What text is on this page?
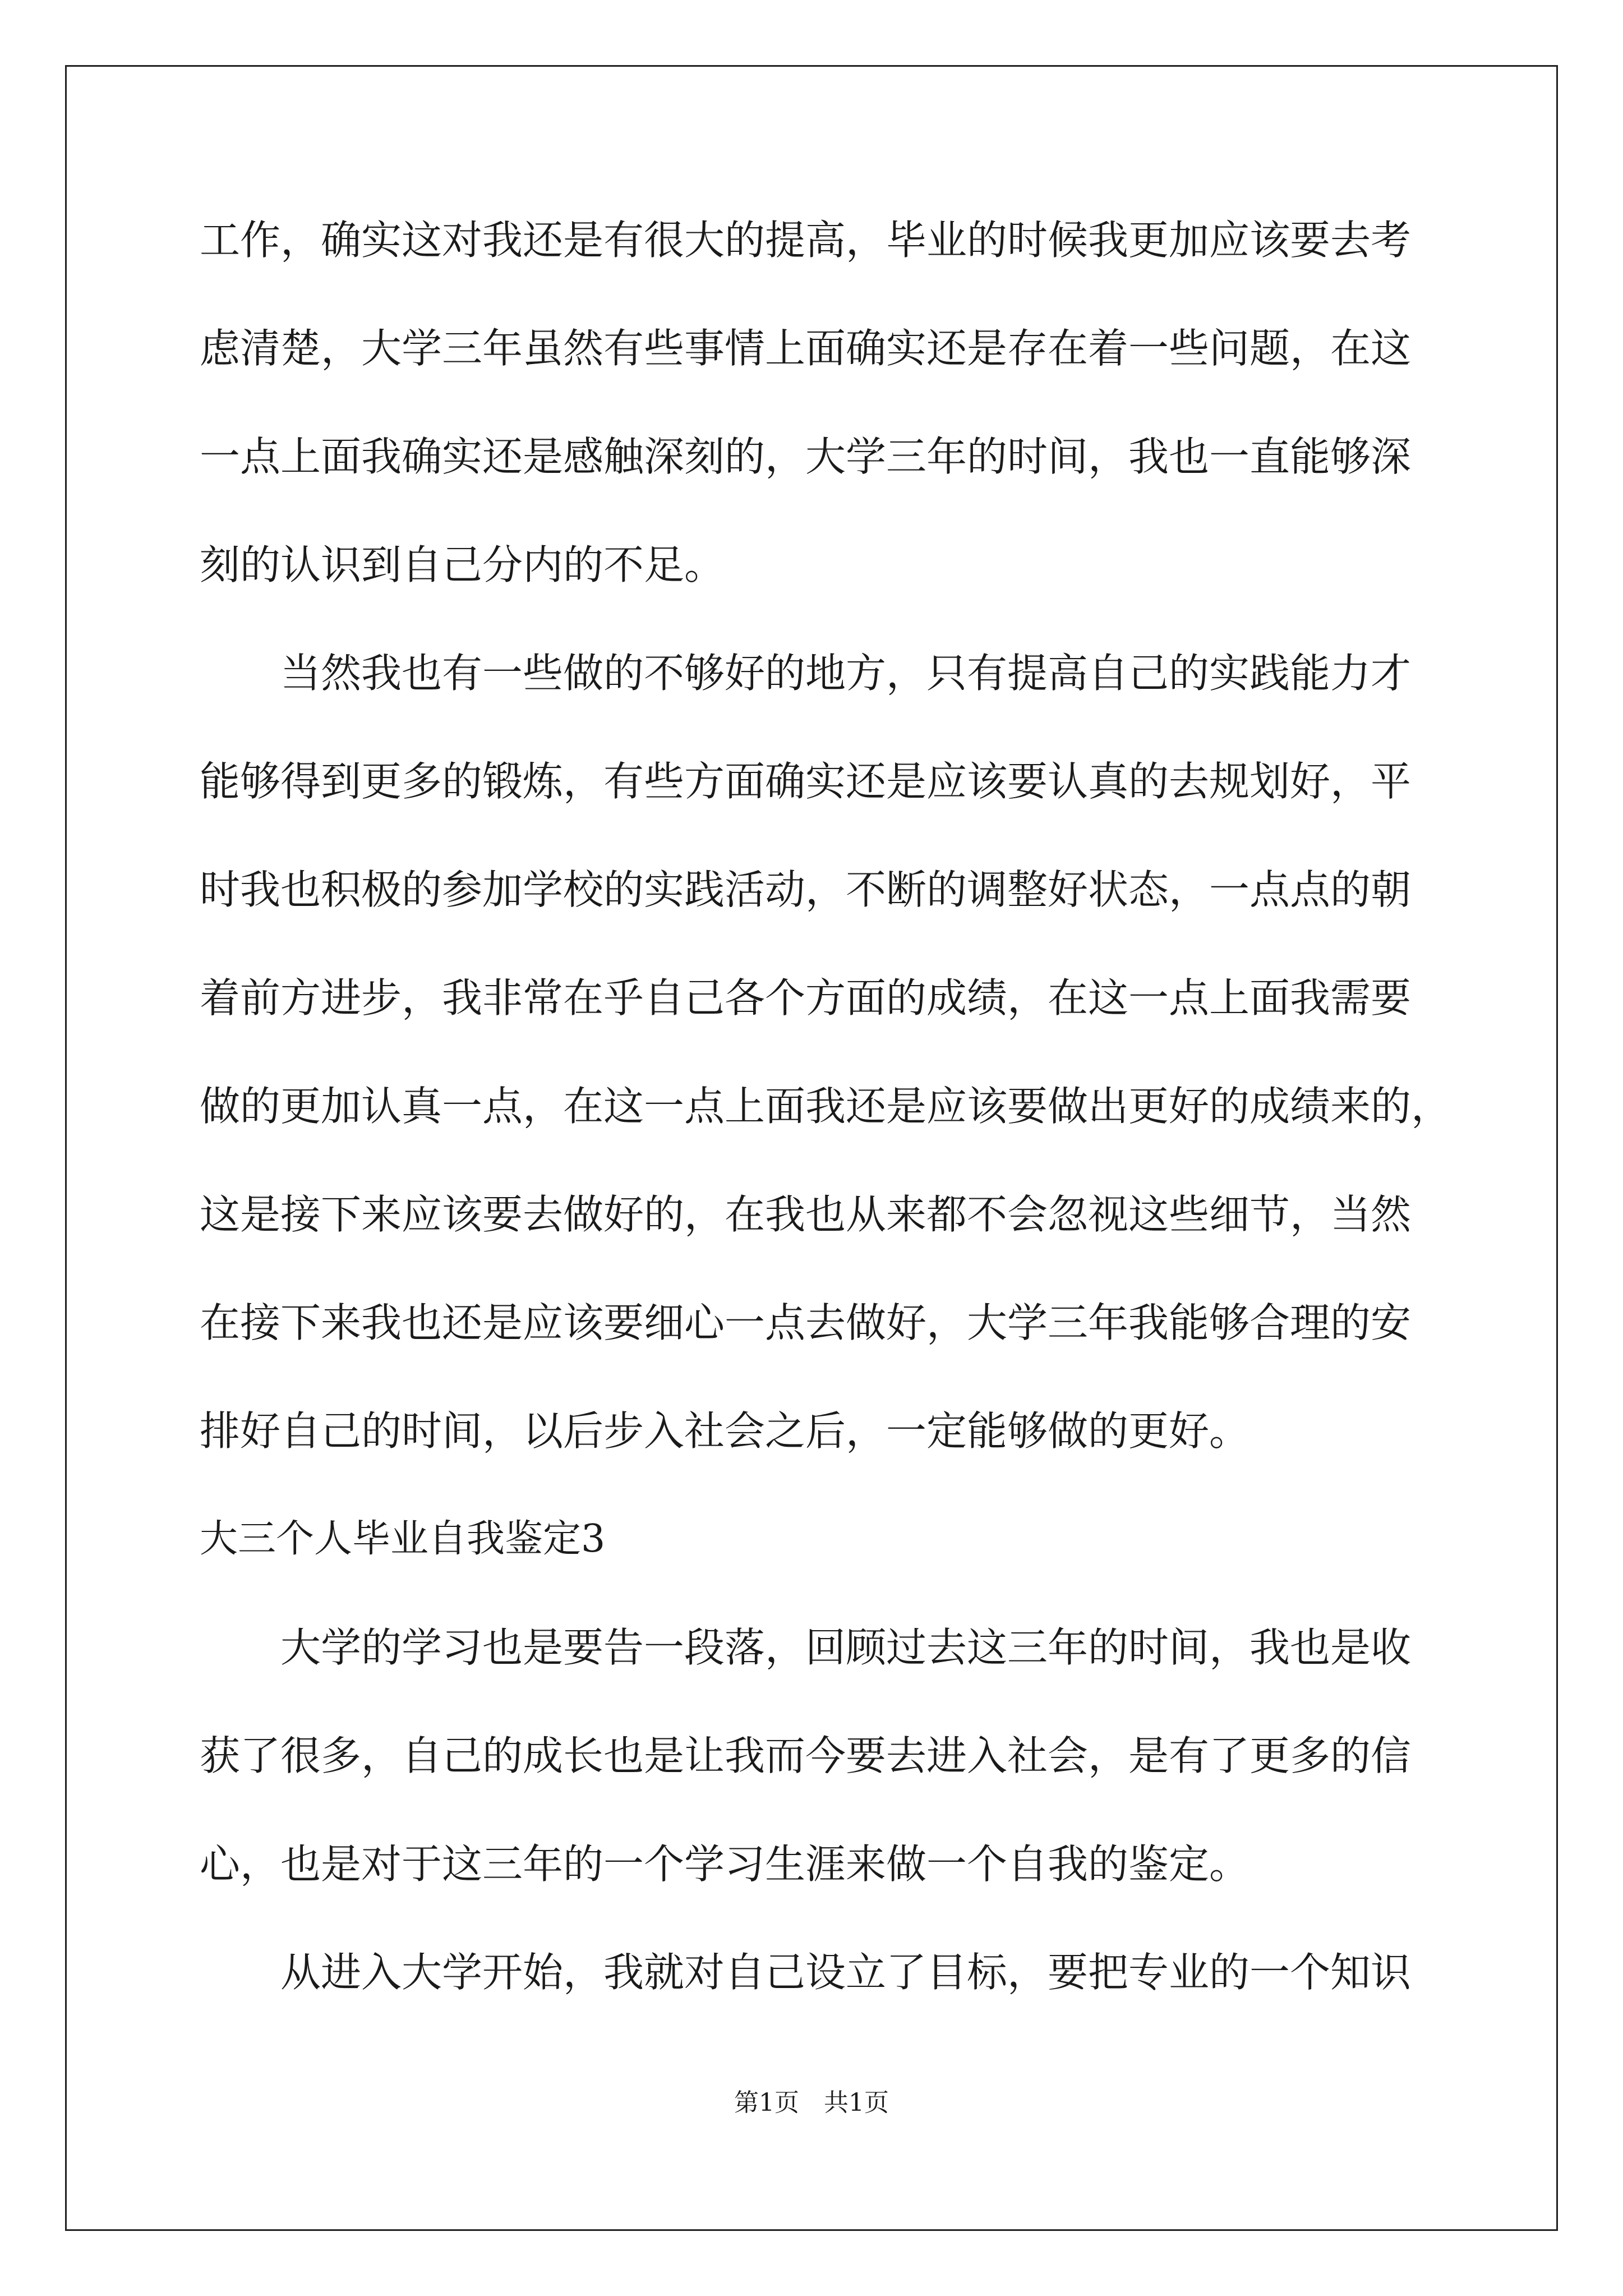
工作，确实这对我还是有很大的提高，毕业的时候我更加应该要去考
虑清楚，大学三年虽然有些事情上面确实还是存在着一些问题，在这
一点上面我确实还是感触深刻的，大学三年的时间，我也一直能够深
刻的认识到自己分内的不足。
当然我也有一些做的不够好的地方，只有提高自己的实践能力才
能够得到更多的锻炼，有些方面确实还是应该要认真的去规划好，平
时我也积极的参加学校的实践活动，不断的调整好状态，一点点的朝
着前方进步，我非常在乎自己各个方面的成绩，在这一点上面我需要
做的更加认真一点，在这一点上面我还是应该要做出更好的成绩来的，
这是接下来应该要去做好的，在我也从来都不会忽视这些细节，当然
在接下来我也还是应该要细心一点去做好，大学三年我能够合理的安
排好自己的时间，以后步入社会之后，一定能够做的更好。
大三个人毕业自我鉴定3
大学的学习也是要告一段落，回顾过去这三年的时间，我也是收
获了很多，自己的成长也是让我而今要去进入社会，是有了更多的信
心，也是对于这三年的一个学习生涯来做一个自我的鉴定。
从进入大学开始，我就对自己设立了目标，要把专业的一个知识
第1页 共1页
